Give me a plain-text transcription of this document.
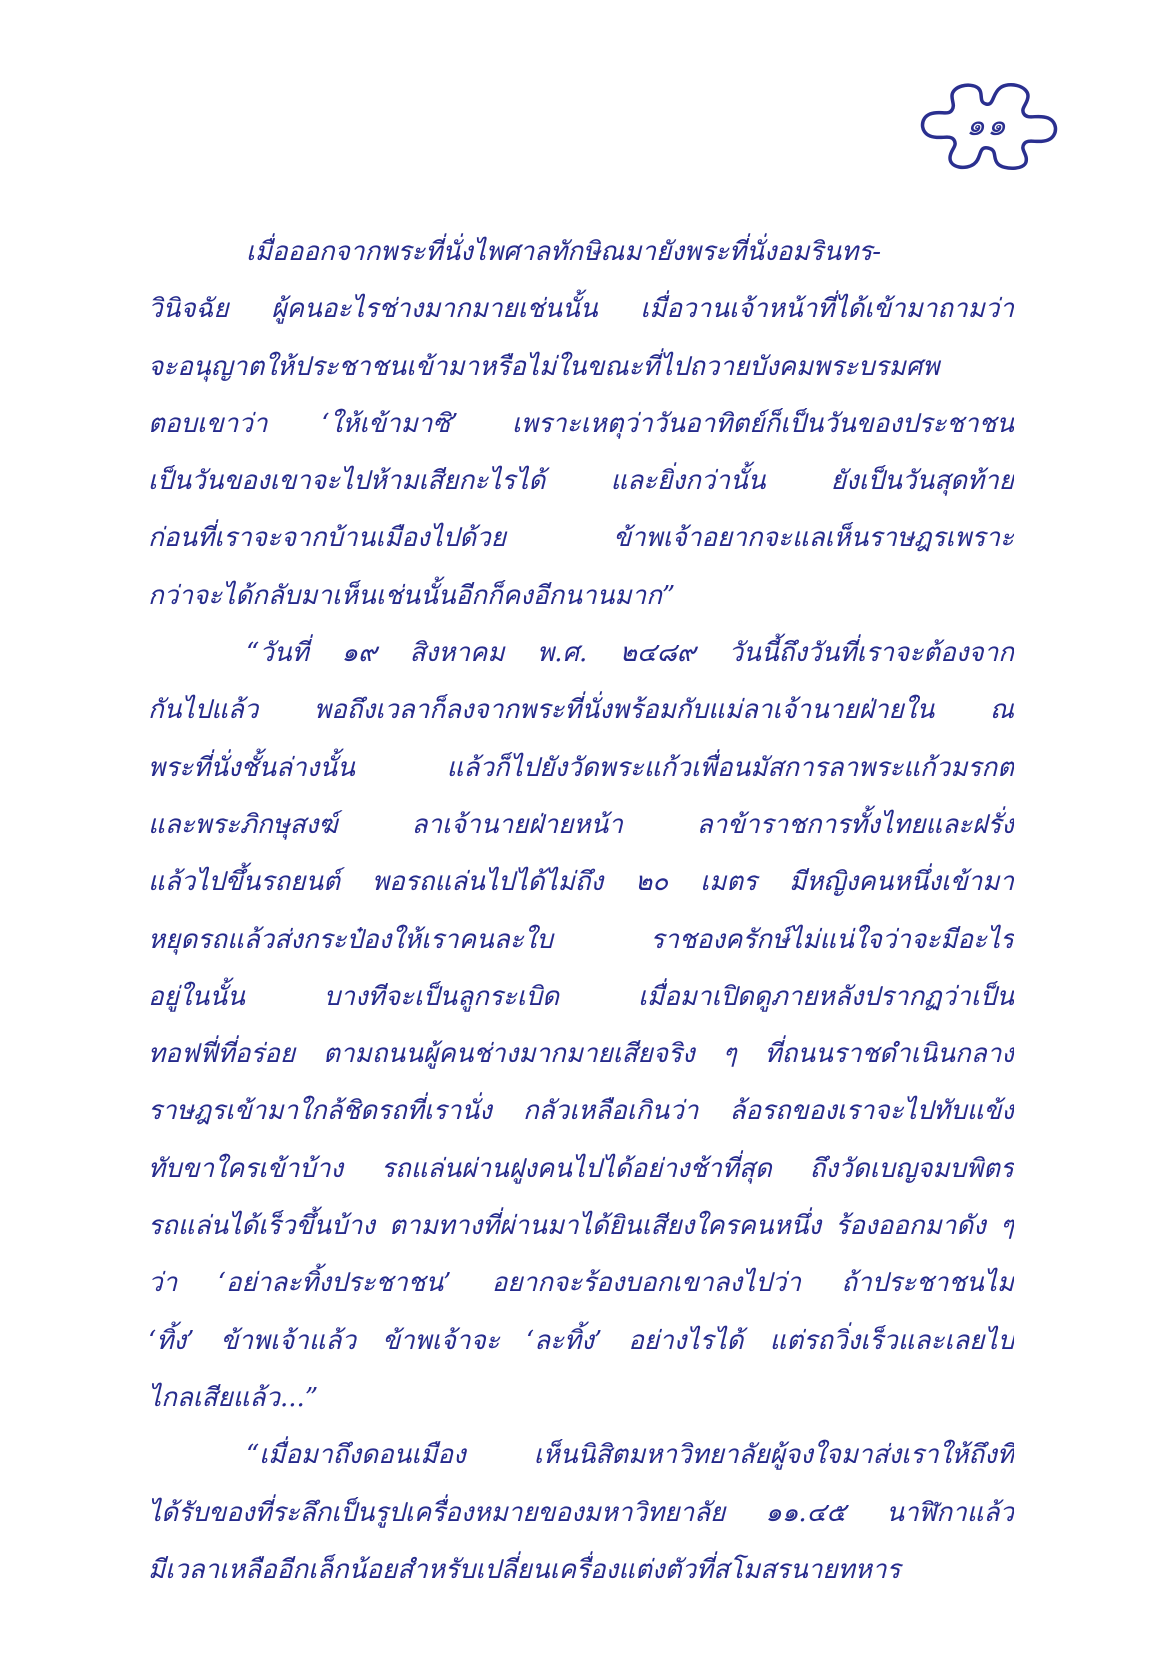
๑๑
เมื่อออกจากพระที่นั่งไพศาลทักษิณมายังพระที่นั่งอมรินทร-
วินิจฉัย ผู้คนอะไรช่างมากมายเช่นนั้น เมื่อวานเจ้าหน้าที่ได้เข้ามาถามว่า
จะอนุญาตให้ประชาชนเข้ามาหรือไม่ในขณะที่ไปถวายบังคมพระบรมศพ
ตอบเขาว่า ‘ให้เข้ามาซิ’ เพราะเหตุว่าวันอาทิตย์ก็เป็นวันของประชาชน
เป็นวันของเขาจะไปห้ามเสียกะไรได้ และยิ่งกว่านั้น ยังเป็นวันสุดท้าย
ก่อนที่เราจะจากบ้านเมืองไปด้วย ข้าพเจ้าอยากจะแลเห็นราษฎรเพราะ
กว่าจะได้กลับมาเห็นเช่นนั้นอีกก็คงอีกนานมาก”
“วันที่ ๑๙ สิงหาคม พ.ศ. ๒๔๘๙ วันนี้ถึงวันที่เราจะต้องจาก
กันไปแล้ว พอถึงเวลาก็ลงจากพระที่นั่งพร้อมกับแม่ลาเจ้านายฝ่ายใน ณ
พระที่นั่งชั้นล่างนั้น แล้วก็ไปยังวัดพระแก้วเพื่อนมัสการลาพระแก้วมรกต
และพระภิกษุสงฆ์ ลาเจ้านายฝ่ายหน้า ลาข้าราชการทั้งไทยและฝรั่ง
แล้วไปขึ้นรถยนต์ พอรถแล่นไปได้ไม่ถึง ๒๐ เมตร มีหญิงคนหนึ่งเข้ามา
หยุดรถแล้วส่งกระป๋องให้เราคนละใบ ราชองครักษ์ไม่แน่ใจว่าจะมีอะไร
อยู่ในนั้น บางทีจะเป็นลูกระเบิด เมื่อมาเปิดดูภายหลังปรากฏว่าเป็น
ทอฟฟี่ที่อร่อย ตามถนนผู้คนช่างมากมายเสียจริง ๆ ที่ถนนราชดำเนินกลาง
ราษฎรเข้ามาใกล้ชิดรถที่เรานั่ง กลัวเหลือเกินว่า ล้อรถของเราจะไปทับแข้ง
ทับขาใครเข้าบ้าง รถแล่นผ่านฝูงคนไปได้อย่างช้าที่สุด ถึงวัดเบญจมบพิตร
รถแล่นได้เร็วขึ้นบ้าง ตามทางที่ผ่านมาได้ยินเสียงใครคนหนึ่ง ร้องออกมาดัง ๆ
ว่า ‘อย่าละทิ้งประชาชน’ อยากจะร้องบอกเขาลงไปว่า ถ้าประชาชนไม่
‘ทิ้ง’ ข้าพเจ้าแล้ว ข้าพเจ้าจะ ‘ละทิ้ง’ อย่างไรได้ แต่รถวิ่งเร็วและเลยไป
ไกลเสียแล้ว...”
“เมื่อมาถึงดอนเมือง เห็นนิสิตมหาวิทยาลัยผู้จงใจมาส่งเราให้ถึงที่
ได้รับของที่ระลึกเป็นรูปเครื่องหมายของมหาวิทยาลัย ๑๑.๔๕ นาฬิกาแล้ว
มีเวลาเหลืออีกเล็กน้อยสำหรับเปลี่ยนเครื่องแต่งตัวที่สโมสรนายทหาร
